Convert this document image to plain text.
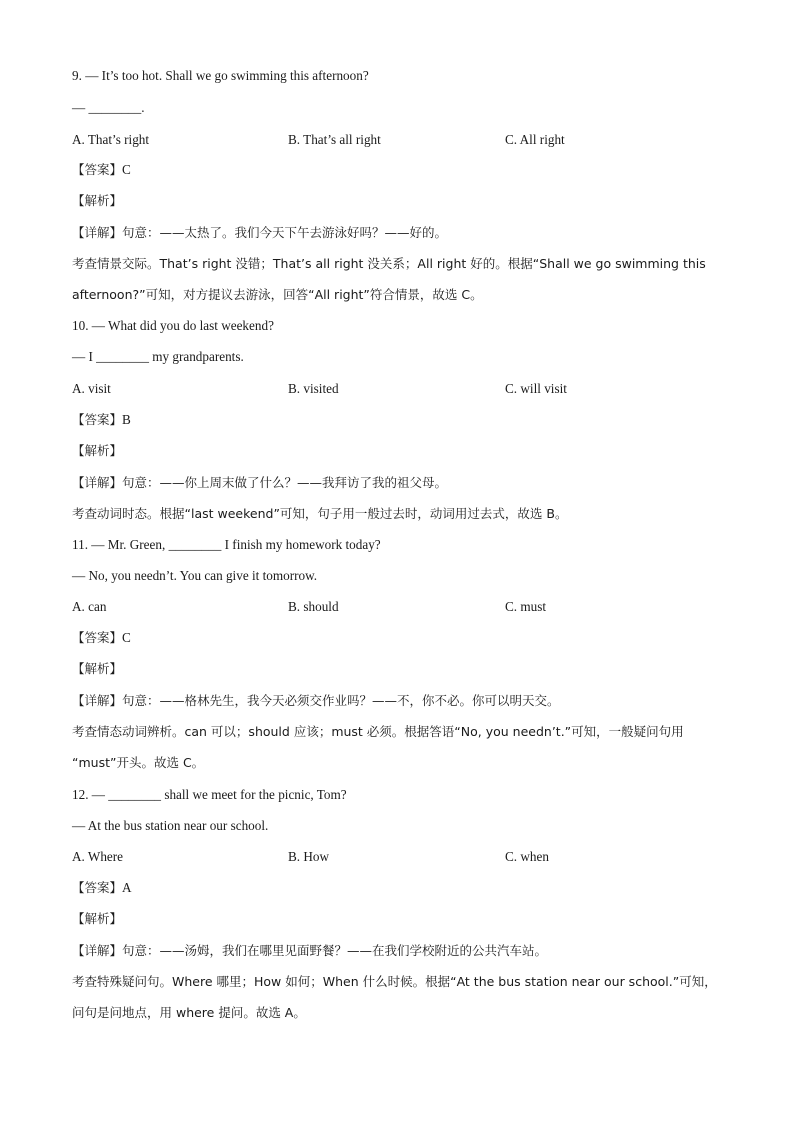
9. — It’s too hot. Shall we go swimming this afternoon?
— ________.
A. That’s right	B. That’s all right	C. All right
【答案】C
【解析】
【详解】句意：——太热了。我们今天下午去游泳好吗？——好的。
考查情景交际。That’s right 没错；That’s all right 没关系；All right 好的。根据“Shall we go swimming this
afternoon?”可知，对方提议去游泳，回答“All right”符合情景，故选 C。
10. — What did you do last weekend?
— I ________ my grandparents.
A. visit	B. visited	C. will visit
【答案】B
【解析】
【详解】句意：——你上周末做了什么？——我拜访了我的祖父母。
考查动词时态。根据“last weekend”可知，句子用一般过去时，动词用过去式，故选 B。
11. — Mr. Green, ________ I finish my homework today?
— No, you needn’t. You can give it tomorrow.
A. can	B. should	C. must
【答案】C
【解析】
【详解】句意：——格林先生，我今天必须交作业吗？——不，你不必。你可以明天交。
考查情态动词辨析。can 可以；should 应该；must 必须。根据答语“No, you needn’t.”可知，一般疑问句用
“must”开头。故选 C。
12. — ________ shall we meet for the picnic, Tom?
— At the bus station near our school.
A. Where	B. How	C. when
【答案】A
【解析】
【详解】句意：——汤姆，我们在哪里见面野餐？——在我们学校附近的公共汽车站。
考查特殊疑问句。Where 哪里；How 如何；When 什么时候。根据“At the bus station near our school.”可知，
问句是问地点，用 where 提问。故选 A。
